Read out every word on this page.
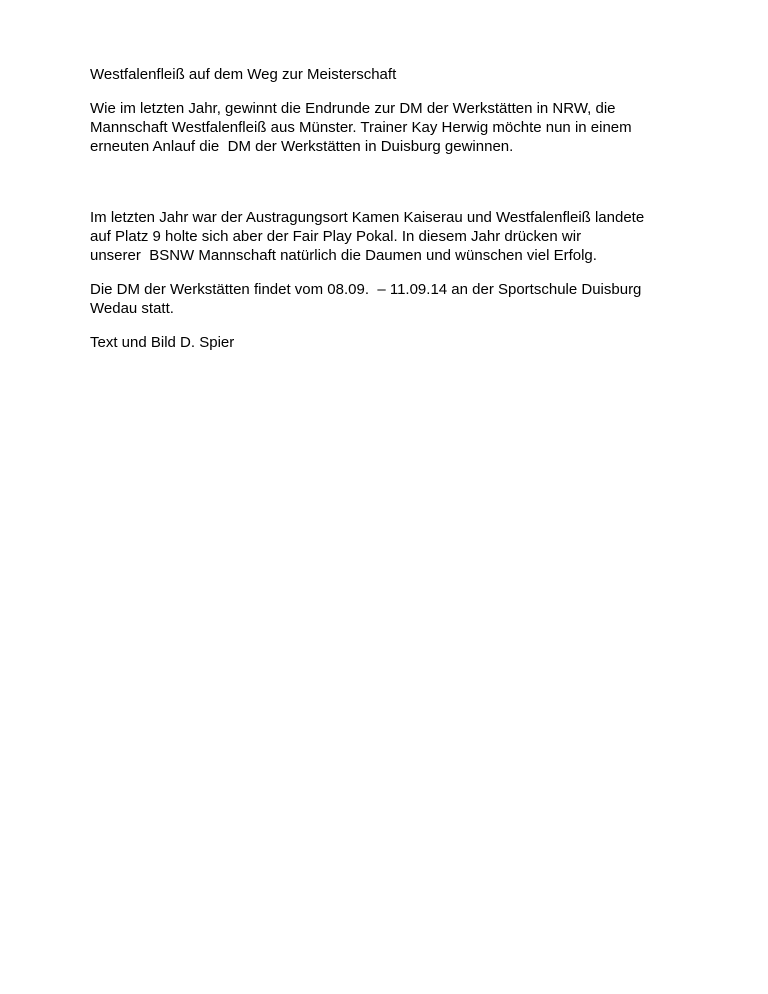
Westfalenfleiß auf dem Weg zur Meisterschaft
Wie im letzten Jahr, gewinnt die Endrunde zur DM der Werkstätten in NRW, die
Mannschaft Westfalenfleiß aus Münster. Trainer Kay Herwig möchte nun in einem
erneuten Anlauf die  DM der Werkstätten in Duisburg gewinnen.
Im letzten Jahr war der Austragungsort Kamen Kaiserau und Westfalenfleiß landete
auf Platz 9 holte sich aber der Fair Play Pokal. In diesem Jahr drücken wir
unserer  BSNW Mannschaft natürlich die Daumen und wünschen viel Erfolg.
Die DM der Werkstätten findet vom 08.09.  – 11.09.14 an der Sportschule Duisburg
Wedau statt.
Text und Bild D. Spier
